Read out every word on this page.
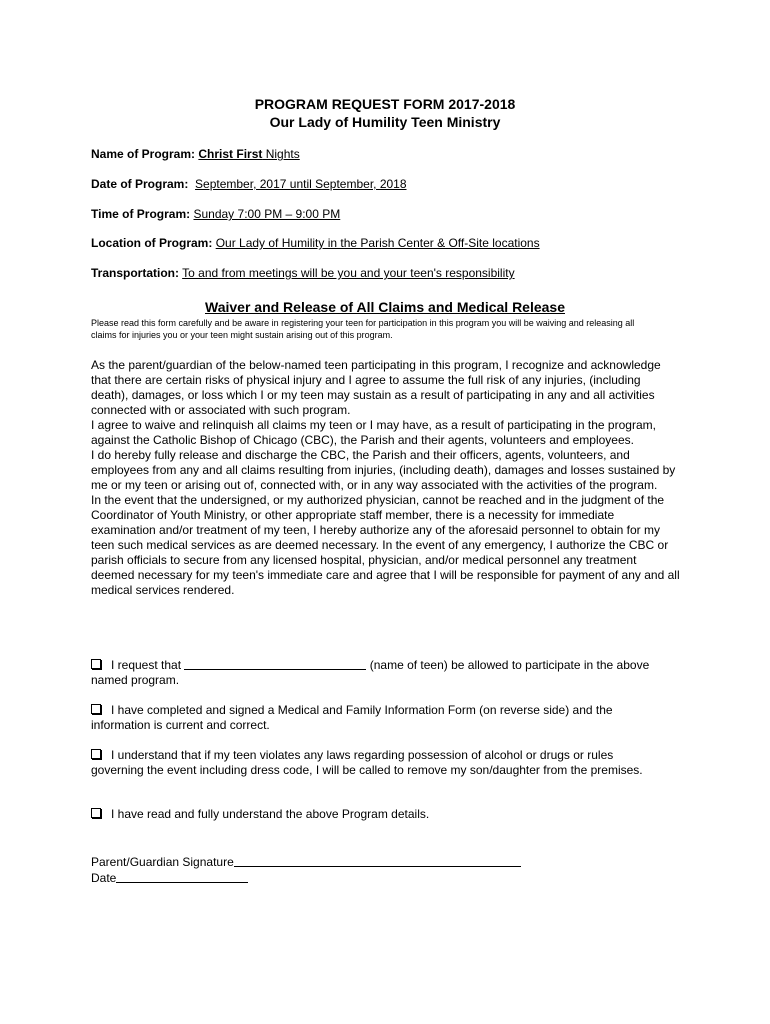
PROGRAM REQUEST FORM 2017-2018
Our Lady of Humility Teen Ministry
Name of Program: Christ First Nights
Date of Program: September, 2017 until September, 2018
Time of Program: Sunday 7:00 PM – 9:00 PM
Location of Program: Our Lady of Humility in the Parish Center & Off-Site locations
Transportation: To and from meetings will be you and your teen's responsibility
Waiver and Release of All Claims and Medical Release
Please read this form carefully and be aware in registering your teen for participation in this program you will be waiving and releasing all claims for injuries you or your teen might sustain arising out of this program.

As the parent/guardian of the below-named teen participating in this program, I recognize and acknowledge that there are certain risks of physical injury and I agree to assume the full risk of any injuries, (including death), damages, or loss which I or my teen may sustain as a result of participating in any and all activities connected with or associated with such program.

I agree to waive and relinquish all claims my teen or I may have, as a result of participating in the program, against the Catholic Bishop of Chicago (CBC), the Parish and their agents, volunteers and employees.

I do hereby fully release and discharge the CBC, the Parish and their officers, agents, volunteers, and employees from any and all claims resulting from injuries, (including death), damages and losses sustained by me or my teen or arising out of, connected with, or in any way associated with the activities of the program.

In the event that the undersigned, or my authorized physician, cannot be reached and in the judgment of the Coordinator of Youth Ministry, or other appropriate staff member, there is a necessity for immediate examination and/or treatment of my teen, I hereby authorize any of the aforesaid personnel to obtain for my teen such medical services as are deemed necessary. In the event of any emergency, I authorize the CBC or parish officials to secure from any licensed hospital, physician, and/or medical personnel any treatment deemed necessary for my teen's immediate care and agree that I will be responsible for payment of any and all medical services rendered.

I request that	(name of teen) be allowed to participate in the above named program.
I have completed and signed a Medical and Family Information Form (on reverse side) and the information is current and correct.
I understand that if my teen violates any laws regarding possession of alcohol or drugs or rules governing the event including dress code, I will be called to remove my son/daughter from the premises.
I have read and fully understand the above Program details.
Parent/Guardian Signature
Date
